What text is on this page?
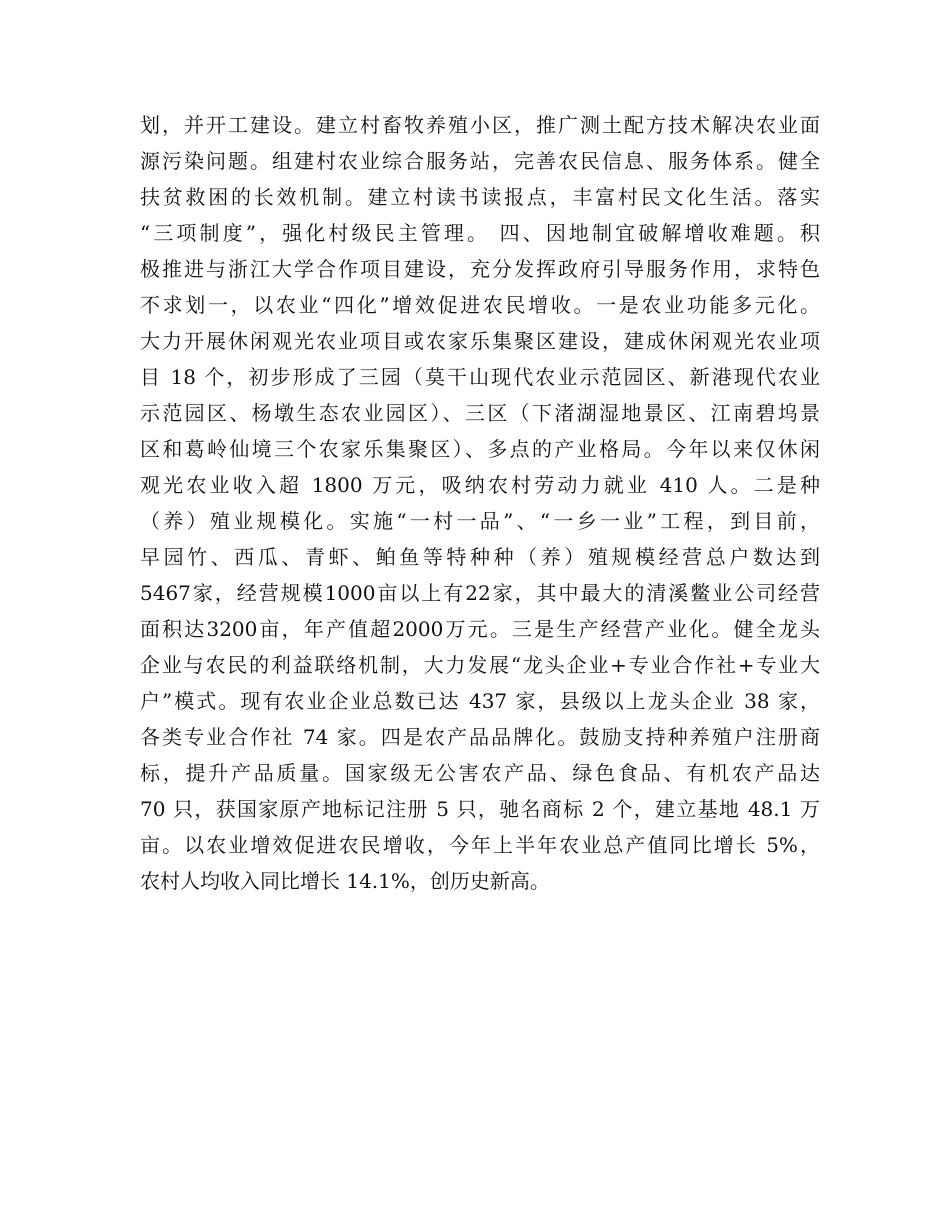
划，并开工建设。建立村畜牧养殖小区，推广测土配方技术解决农业面
源污染问题。组建村农业综合服务站，完善农民信息、服务体系。健全
扶贫救困的长效机制。建立村读书读报点，丰富村民文化生活。落实
“三项制度”，强化村级民主管理。 四、因地制宜破解增收难题。积
极推进与浙江大学合作项目建设，充分发挥政府引导服务作用，求特色
不求划一，以农业“四化”增效促进农民增收。一是农业功能多元化。
大力开展休闲观光农业项目或农家乐集聚区建设，建成休闲观光农业项
目 18 个，初步形成了三园（莫干山现代农业示范园区、新港现代农业
示范园区、杨墩生态农业园区）、三区（下渚湖湿地景区、江南碧坞景
区和葛岭仙境三个农家乐集聚区）、多点的产业格局。今年以来仅休闲
观光农业收入超 1800 万元，吸纳农村劳动力就业 410 人。二是种
（养）殖业规模化。实施“一村一品”、“一乡一业”工程，到目前，
早园竹、西瓜、青虾、鲌鱼等特种种（养）殖规模经营总户数达到
5467家，经营规模1000亩以上有22家，其中最大的清溪鳖业公司经营
面积达3200亩，年产值超2000万元。三是生产经营产业化。健全龙头
企业与农民的利益联络机制，大力发展“龙头企业+专业合作社+专业大
户”模式。现有农业企业总数已达 437 家，县级以上龙头企业 38 家，
各类专业合作社 74 家。四是农产品品牌化。鼓励支持种养殖户注册商
标，提升产品质量。国家级无公害农产品、绿色食品、有机农产品达
70 只，获国家原产地标记注册 5 只，驰名商标 2 个，建立基地 48.1 万
亩。以农业增效促进农民增收，今年上半年农业总产值同比增长 5%，
农村人均收入同比增长 14.1%，创历史新高。
